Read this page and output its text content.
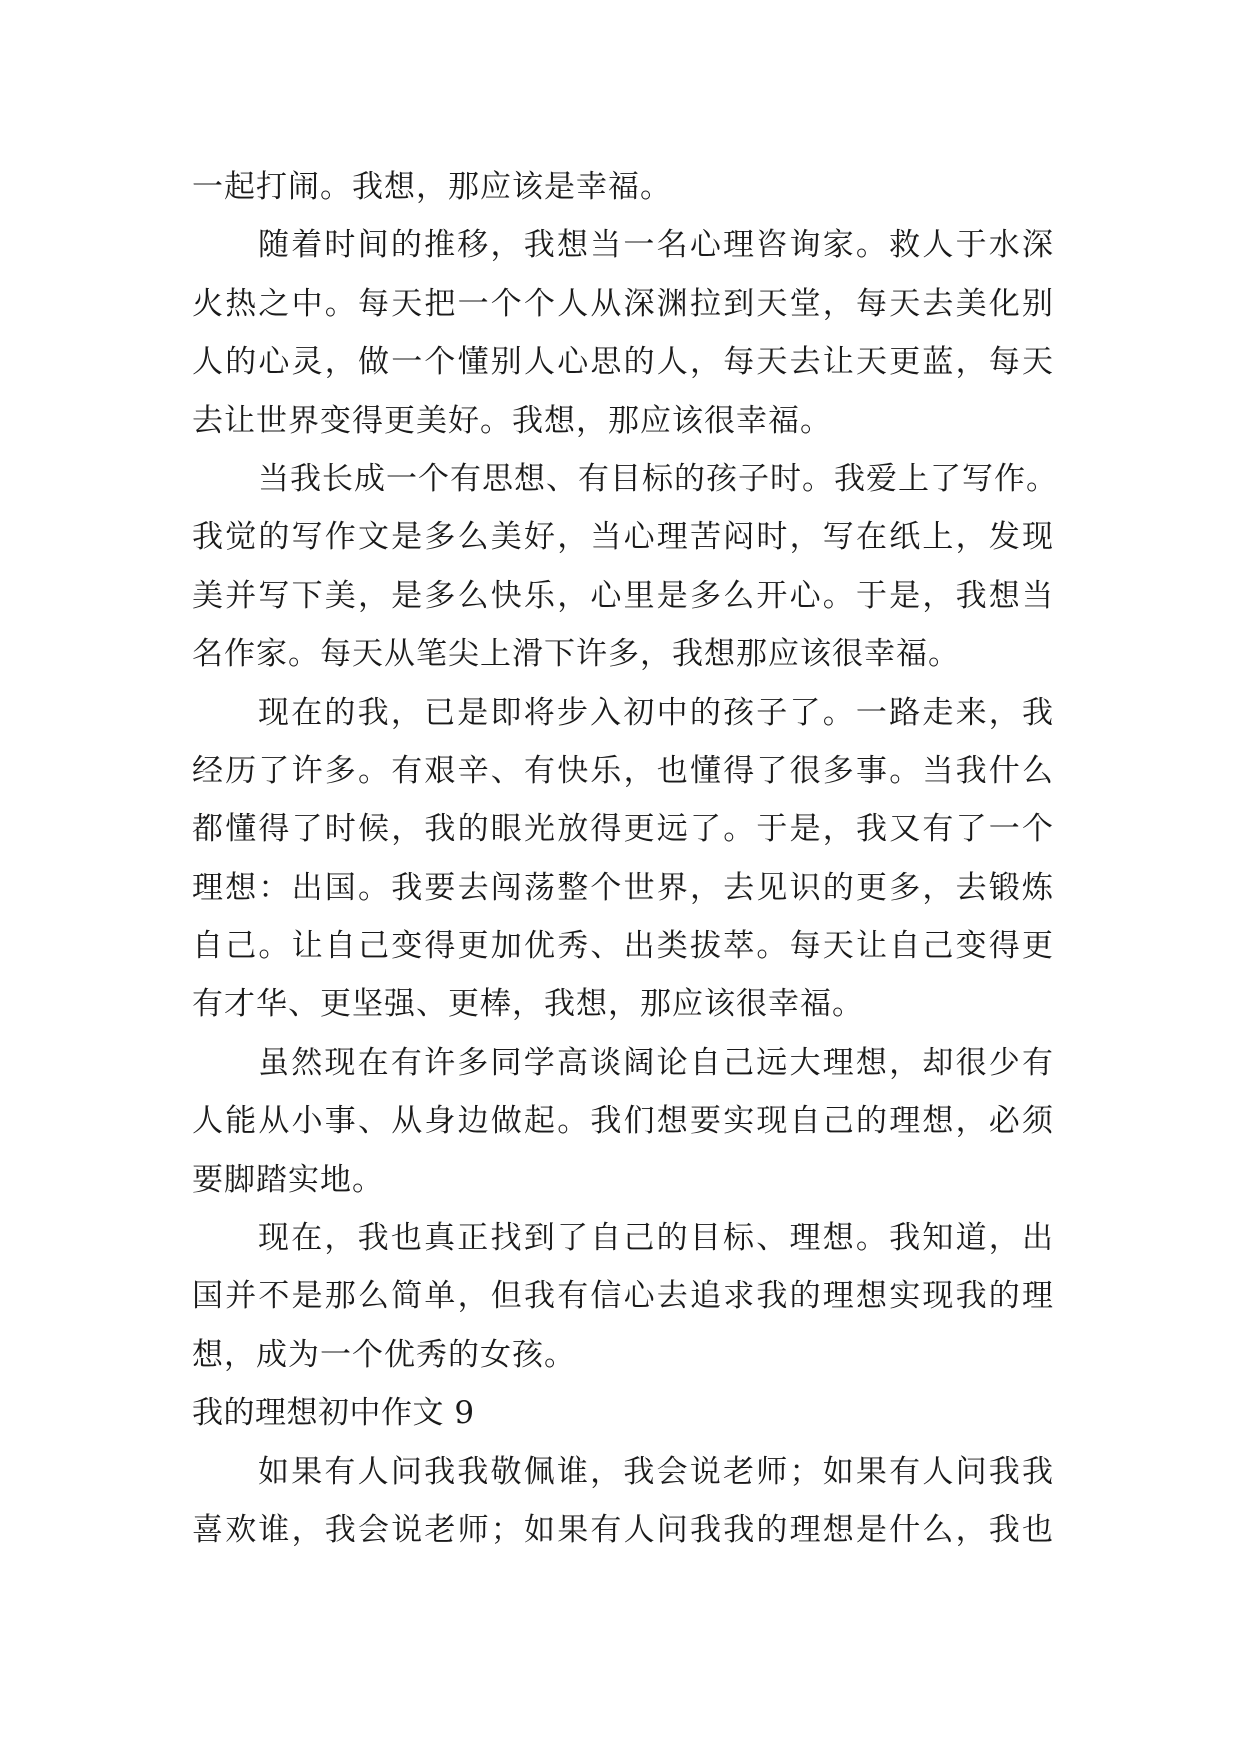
一起打闹。我想，那应该是幸福。
随着时间的推移，我想当一名心理咨询家。救人于水深
火热之中。每天把一个个人从深渊拉到天堂，每天去美化别
人的心灵，做一个懂别人心思的人，每天去让天更蓝，每天
去让世界变得更美好。我想，那应该很幸福。
当我长成一个有思想、有目标的孩子时。我爱上了写作。
我觉的写作文是多么美好，当心理苦闷时，写在纸上，发现
美并写下美，是多么快乐，心里是多么开心。于是，我想当
名作家。每天从笔尖上滑下许多，我想那应该很幸福。
现在的我，已是即将步入初中的孩子了。一路走来，我
经历了许多。有艰辛、有快乐，也懂得了很多事。当我什么
都懂得了时候，我的眼光放得更远了。于是，我又有了一个
理想：出国。我要去闯荡整个世界，去见识的更多，去锻炼
自己。让自己变得更加优秀、出类拔萃。每天让自己变得更
有才华、更坚强、更棒，我想，那应该很幸福。
虽然现在有许多同学高谈阔论自己远大理想，却很少有
人能从小事、从身边做起。我们想要实现自己的理想，必须
要脚踏实地。
现在，我也真正找到了自己的目标、理想。我知道，出
国并不是那么简单，但我有信心去追求我的理想实现我的理
想，成为一个优秀的女孩。
我的理想初中作文 9
如果有人问我我敬佩谁，我会说老师；如果有人问我我
喜欢谁，我会说老师；如果有人问我我的理想是什么，我也
